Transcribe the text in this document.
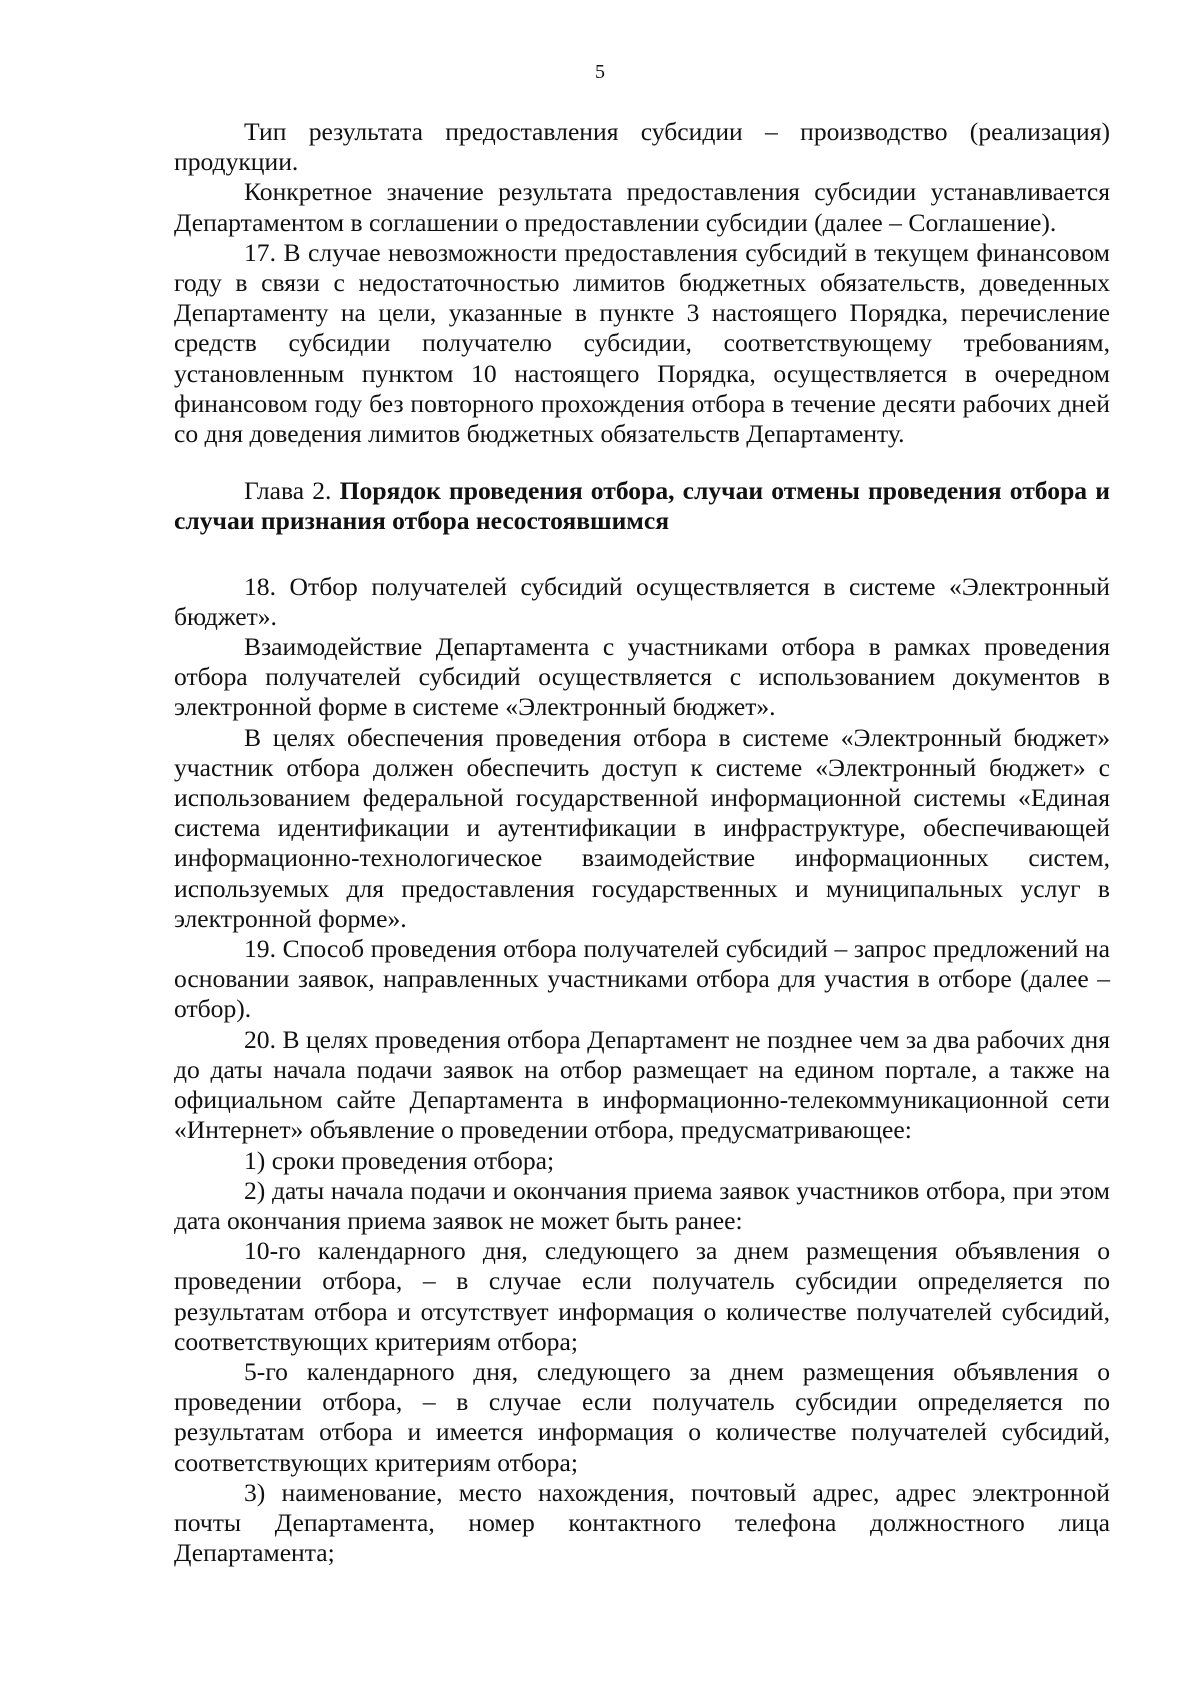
5

Тип результата предоставления субсидии – производство (реализация) продукции.

Конкретное значение результата предоставления субсидии устанавливается Департаментом в соглашении о предоставлении субсидии (далее – Соглашение).

17. В случае невозможности предоставления субсидий в текущем финансовом году в связи с недостаточностью лимитов бюджетных обязательств, доведенных Департаменту на цели, указанные в пункте 3 настоящего Порядка, перечисление средств субсидии получателю субсидии, соответствующему требованиям, установленным пунктом 10 настоящего Порядка, осуществляется в очередном финансовом году без повторного прохождения отбора в течение десяти рабочих дней со дня доведения лимитов бюджетных обязательств Департаменту.

Глава 2. Порядок проведения отбора, случаи отмены проведения отбора и случаи признания отбора несостоявшимся

18. Отбор получателей субсидий осуществляется в системе «Электронный бюджет».

Взаимодействие Департамента с участниками отбора в рамках проведения отбора получателей субсидий осуществляется с использованием документов в электронной форме в системе «Электронный бюджет».

В целях обеспечения проведения отбора в системе «Электронный бюджет» участник отбора должен обеспечить доступ к системе «Электронный бюджет» с использованием федеральной государственной информационной системы «Единая система идентификации и аутентификации в инфраструктуре, обеспечивающей информационно-технологическое взаимодействие информационных систем, используемых для предоставления государственных и муниципальных услуг в электронной форме».

19. Способ проведения отбора получателей субсидий – запрос предложений на основании заявок, направленных участниками отбора для участия в отборе (далее – отбор).

20. В целях проведения отбора Департамент не позднее чем за два рабочих дня до даты начала подачи заявок на отбор размещает на едином портале, а также на официальном сайте Департамента в информационно-телекоммуникационной сети «Интернет» объявление о проведении отбора, предусматривающее:

1) сроки проведения отбора;

2) даты начала подачи и окончания приема заявок участников отбора, при этом дата окончания приема заявок не может быть ранее:

10-го календарного дня, следующего за днем размещения объявления о проведении отбора, – в случае если получатель субсидии определяется по результатам отбора и отсутствует информация о количестве получателей субсидий, соответствующих критериям отбора;

5-го календарного дня, следующего за днем размещения объявления о проведении отбора, – в случае если получатель субсидии определяется по результатам отбора и имеется информация о количестве получателей субсидий, соответствующих критериям отбора;

3) наименование, место нахождения, почтовый адрес, адрес электронной почты Департамента, номер контактного телефона должностного лица Департамента;
